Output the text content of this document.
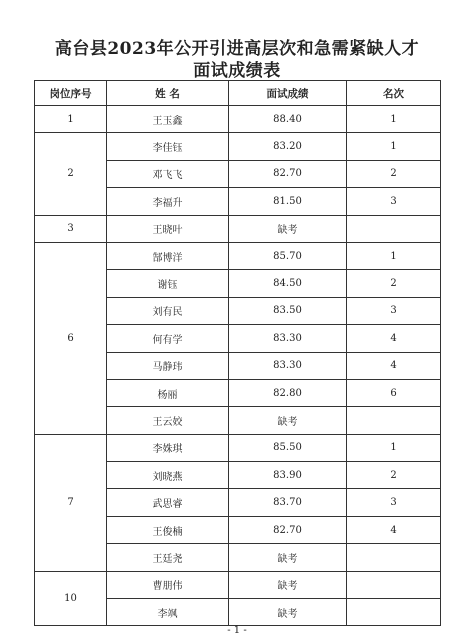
高台县2023年公开引进高层次和急需紧缺人才
面试成绩表
岗位序号	姓 名	面试成绩	名次
1	王玉鑫	88.40	1
2	李佳钰	83.20	1
	邓飞飞	82.70	2
	李福升	81.50	3
3	王晓叶	缺考	
6	郜博洋	85.70	1
	谢钰	84.50	2
	刘有民	83.50	3
	何有学	83.30	4
	马静玮	83.30	4
	杨丽	82.80	6
	王云姣	缺考	
7	李姝琪	85.50	1
	刘晓燕	83.90	2
	武思睿	83.70	3
	王俊楠	82.70	4
	王廷尧	缺考	
10	曹朋伟	缺考	
	李飒	缺考	
- 1 -
